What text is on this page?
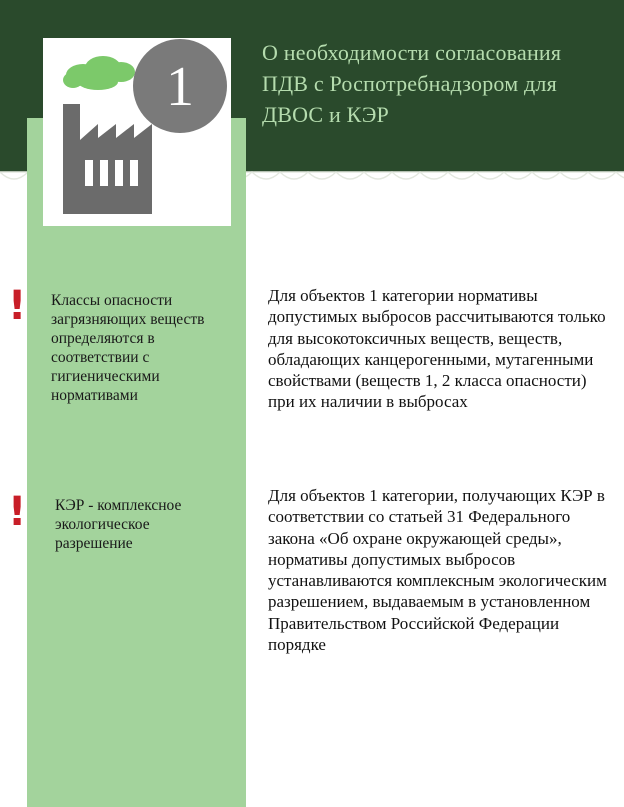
1
О необходимости согласования ПДВ с Роспотребнадзором для ДВОС и КЭР
! Классы опасности загрязняющих веществ определяются в соответствии с гигиеническими нормативами
Для объектов 1 категории нормативы допустимых выбросов рассчитываются только для высокотоксичных веществ, веществ, обладающих канцерогенными, мутагенными свойствами (веществ 1, 2 класса опасности) при их наличии в выбросах
! КЭР - комплексное экологическое разрешение
Для объектов 1 категории, получающих КЭР в соответствии со статьей 31 Федерального закона «Об охране окружающей среды», нормативы допустимых выбросов устанавливаются комплексным экологическим разрешением, выдаваемым в установленном Правительством Российской Федерации порядке
